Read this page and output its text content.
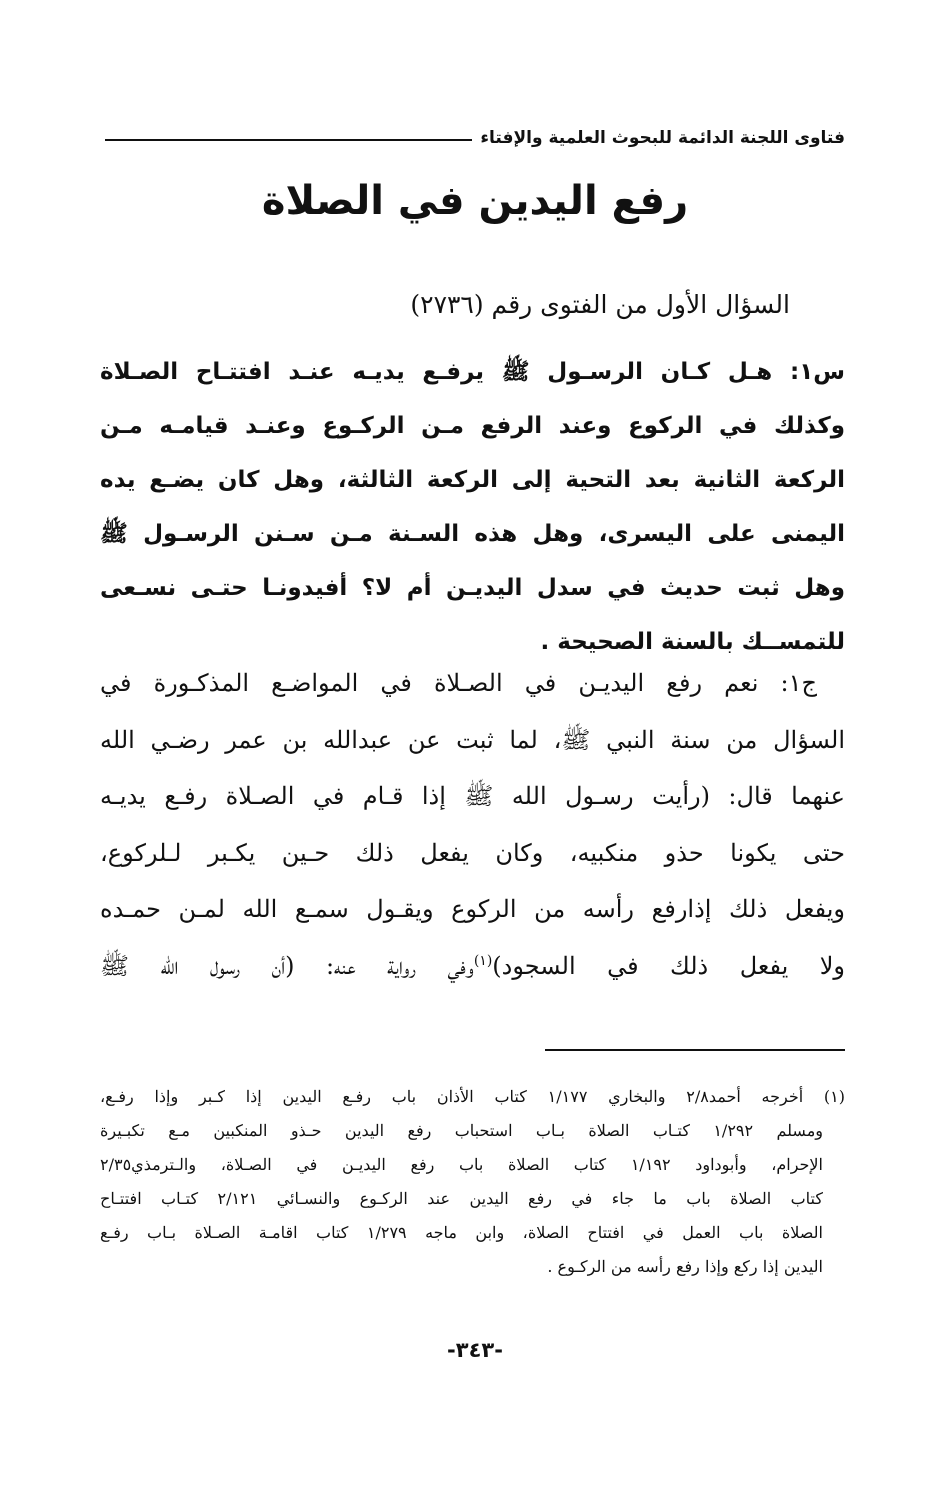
فتاوى اللجنة الدائمة للبحوث العلمية والإفتاء
رفع اليدين في الصلاة
السؤال الأول من الفتوى رقم (٢٧٣٦)
س١: هـل كـان الرسـول ﷺ يرفـع يديـه عنـد افتتـاح الصـلاة
وكذلك في الركوع وعند الرفع مـن الركـوع وعنـد قيامـه مـن
الركعة الثانية بعد التحية إلى الركعة الثالثة، وهل كان يضـع يده
اليمنى على اليسرى، وهل هذه السـنة مـن سـنن الرسـول ﷺ
وهل ثبت حديث في سدل اليديـن أم لا؟ أفيدونـا حتـى نسـعى
للتمســك بالسنة الصحيحة .
ج١: نعم رفع اليديـن في الصـلاة في المواضـع المذكـورة في
السؤال من سنة النبي ﷺ، لما ثبت عن عبدالله بن عمر رضـي الله
عنهما قال: (رأيت رسـول الله ﷺ إذا قـام في الصـلاة رفـع يديـه
حتى يكونا حذو منكبيه، وكان يفعل ذلك حـين يكـبر لـلركوع،
ويفعل ذلك إذارفع رأسه من الركوع ويقـول سمـع الله لمـن حمـده
ولا يفعل ذلك في السجود)$^{(١)}$وفي رواية عنه: (أن رسول الله ﷺ
(١) أخرجه أحمد٢/٨ والبخاري ١/١٧٧ كتاب الأذان باب رفـع اليدين إذا كـبر وإذا رفـع،
ومسلم ١/٢٩٢ كتـاب الصلاة بـاب استحباب رفع اليدين حـذو المنكبين مـع تكبـيرة
الإحرام، وأبوداود ١/١٩٢ كتاب الصلاة باب رفع اليديـن في الصـلاة، والـترمذي٢/٣٥
كتاب الصلاة باب ما جاء في رفع اليدين عند الركـوع والنسـائي ٢/١٢١ كتـاب افتتـاح
الصلاة باب العمل في افتتاح الصلاة، وابن ماجه ١/٢٧٩ كتاب اقامـة الصـلاة بـاب رفـع
اليدين إذا ركع وإذا رفع رأسه من الركـوع .
-٣٤٣-
